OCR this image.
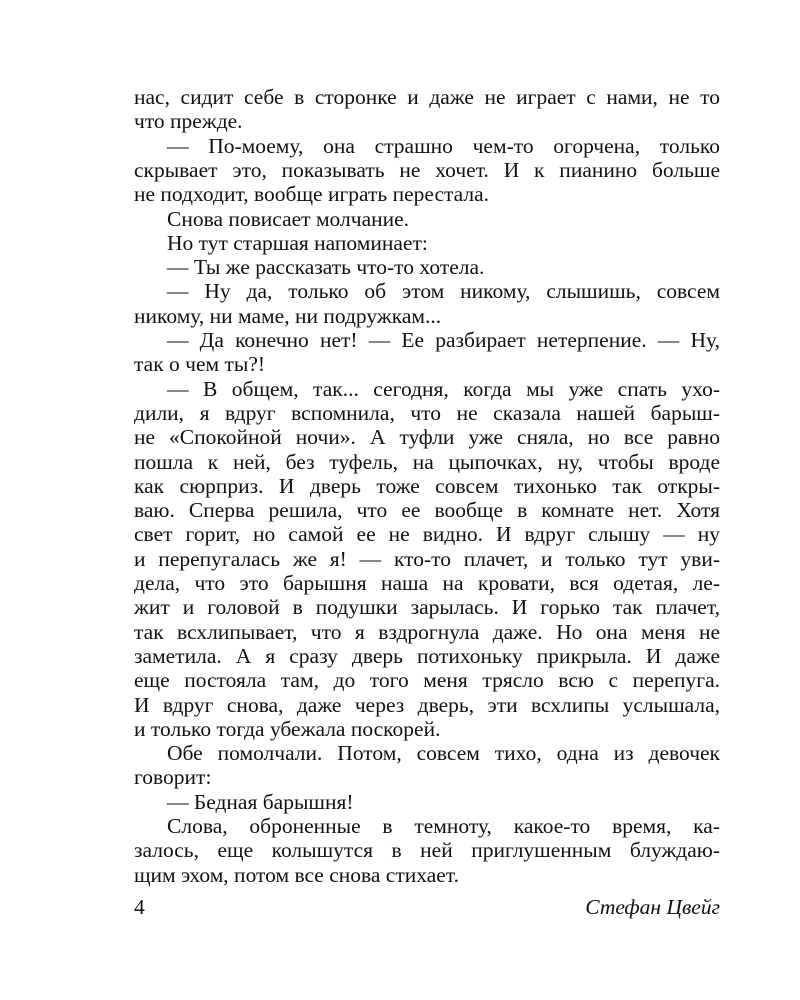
нас, сидит себе в сторонке и даже не играет с нами, не то
что прежде.
— По-моему, она страшно чем-то огорчена, только
скрывает это, показывать не хочет. И к пианино больше
не подходит, вообще играть перестала.
Снова повисает молчание.
Но тут старшая напоминает:
— Ты же рассказать что-то хотела.
— Ну да, только об этом никому, слышишь, совсем
никому, ни маме, ни подружкам...
— Да конечно нет! — Ее разбирает нетерпение. — Ну,
так о чем ты?!
— В общем, так... сегодня, когда мы уже спать ухо-
дили, я вдруг вспомнила, что не сказала нашей барыш-
не «Спокойной ночи». А туфли уже сняла, но все равно
пошла к ней, без туфель, на цыпочках, ну, чтобы вроде
как сюрприз. И дверь тоже совсем тихонько так откры-
ваю. Сперва решила, что ее вообще в комнате нет. Хотя
свет горит, но самой ее не видно. И вдруг слышу — ну
и перепугалась же я! — кто-то плачет, и только тут уви-
дела, что это барышня наша на кровати, вся одетая, ле-
жит и головой в подушки зарылась. И горько так плачет,
так всхлипывает, что я вздрогнула даже. Но она меня не
заметила. А я сразу дверь потихоньку прикрыла. И даже
еще постояла там, до того меня трясло всю с перепуга.
И вдруг снова, даже через дверь, эти всхлипы услышала,
и только тогда убежала поскорей.
Обе помолчали. Потом, совсем тихо, одна из девочек
говорит:
— Бедная барышня!
Слова, оброненные в темноту, какое-то время, ка-
залось, еще колышутся в ней приглушенным блуждаю-
щим эхом, потом все снова стихает.
4	Стефан Цвейг
